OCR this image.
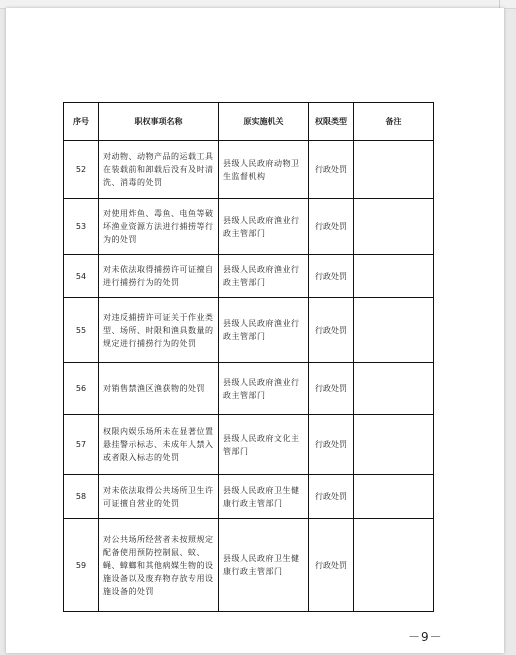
序号	职权事项名称	原实施机关	权限类型	备注
52	对动物、动物产品的运载工具在装载前和卸载后没有及时清洗、消毒的处罚	县级人民政府动物卫生监督机构	行政处罚	
53	对使用炸鱼、毒鱼、电鱼等破坏渔业资源方法进行捕捞等行为的处罚	县级人民政府渔业行政主管部门	行政处罚	
54	对未依法取得捕捞许可证擅自进行捕捞行为的处罚	县级人民政府渔业行政主管部门	行政处罚	
55	对违反捕捞许可证关于作业类型、场所、时限和渔具数量的规定进行捕捞行为的处罚	县级人民政府渔业行政主管部门	行政处罚	
56	对销售禁渔区渔获物的处罚	县级人民政府渔业行政主管部门	行政处罚	
57	权限内娱乐场所未在显著位置悬挂警示标志、未成年人禁入或者限入标志的处罚	县级人民政府文化主管部门	行政处罚	
58	对未依法取得公共场所卫生许可证擅自营业的处罚	县级人民政府卫生健康行政主管部门	行政处罚	
59	对公共场所经营者未按照规定配备使用预防控制鼠、蚊、蝇、蟑螂和其他病媒生物的设施设备以及废弃物存放专用设施设备的处罚	县级人民政府卫生健康行政主管部门	行政处罚	
－9－
